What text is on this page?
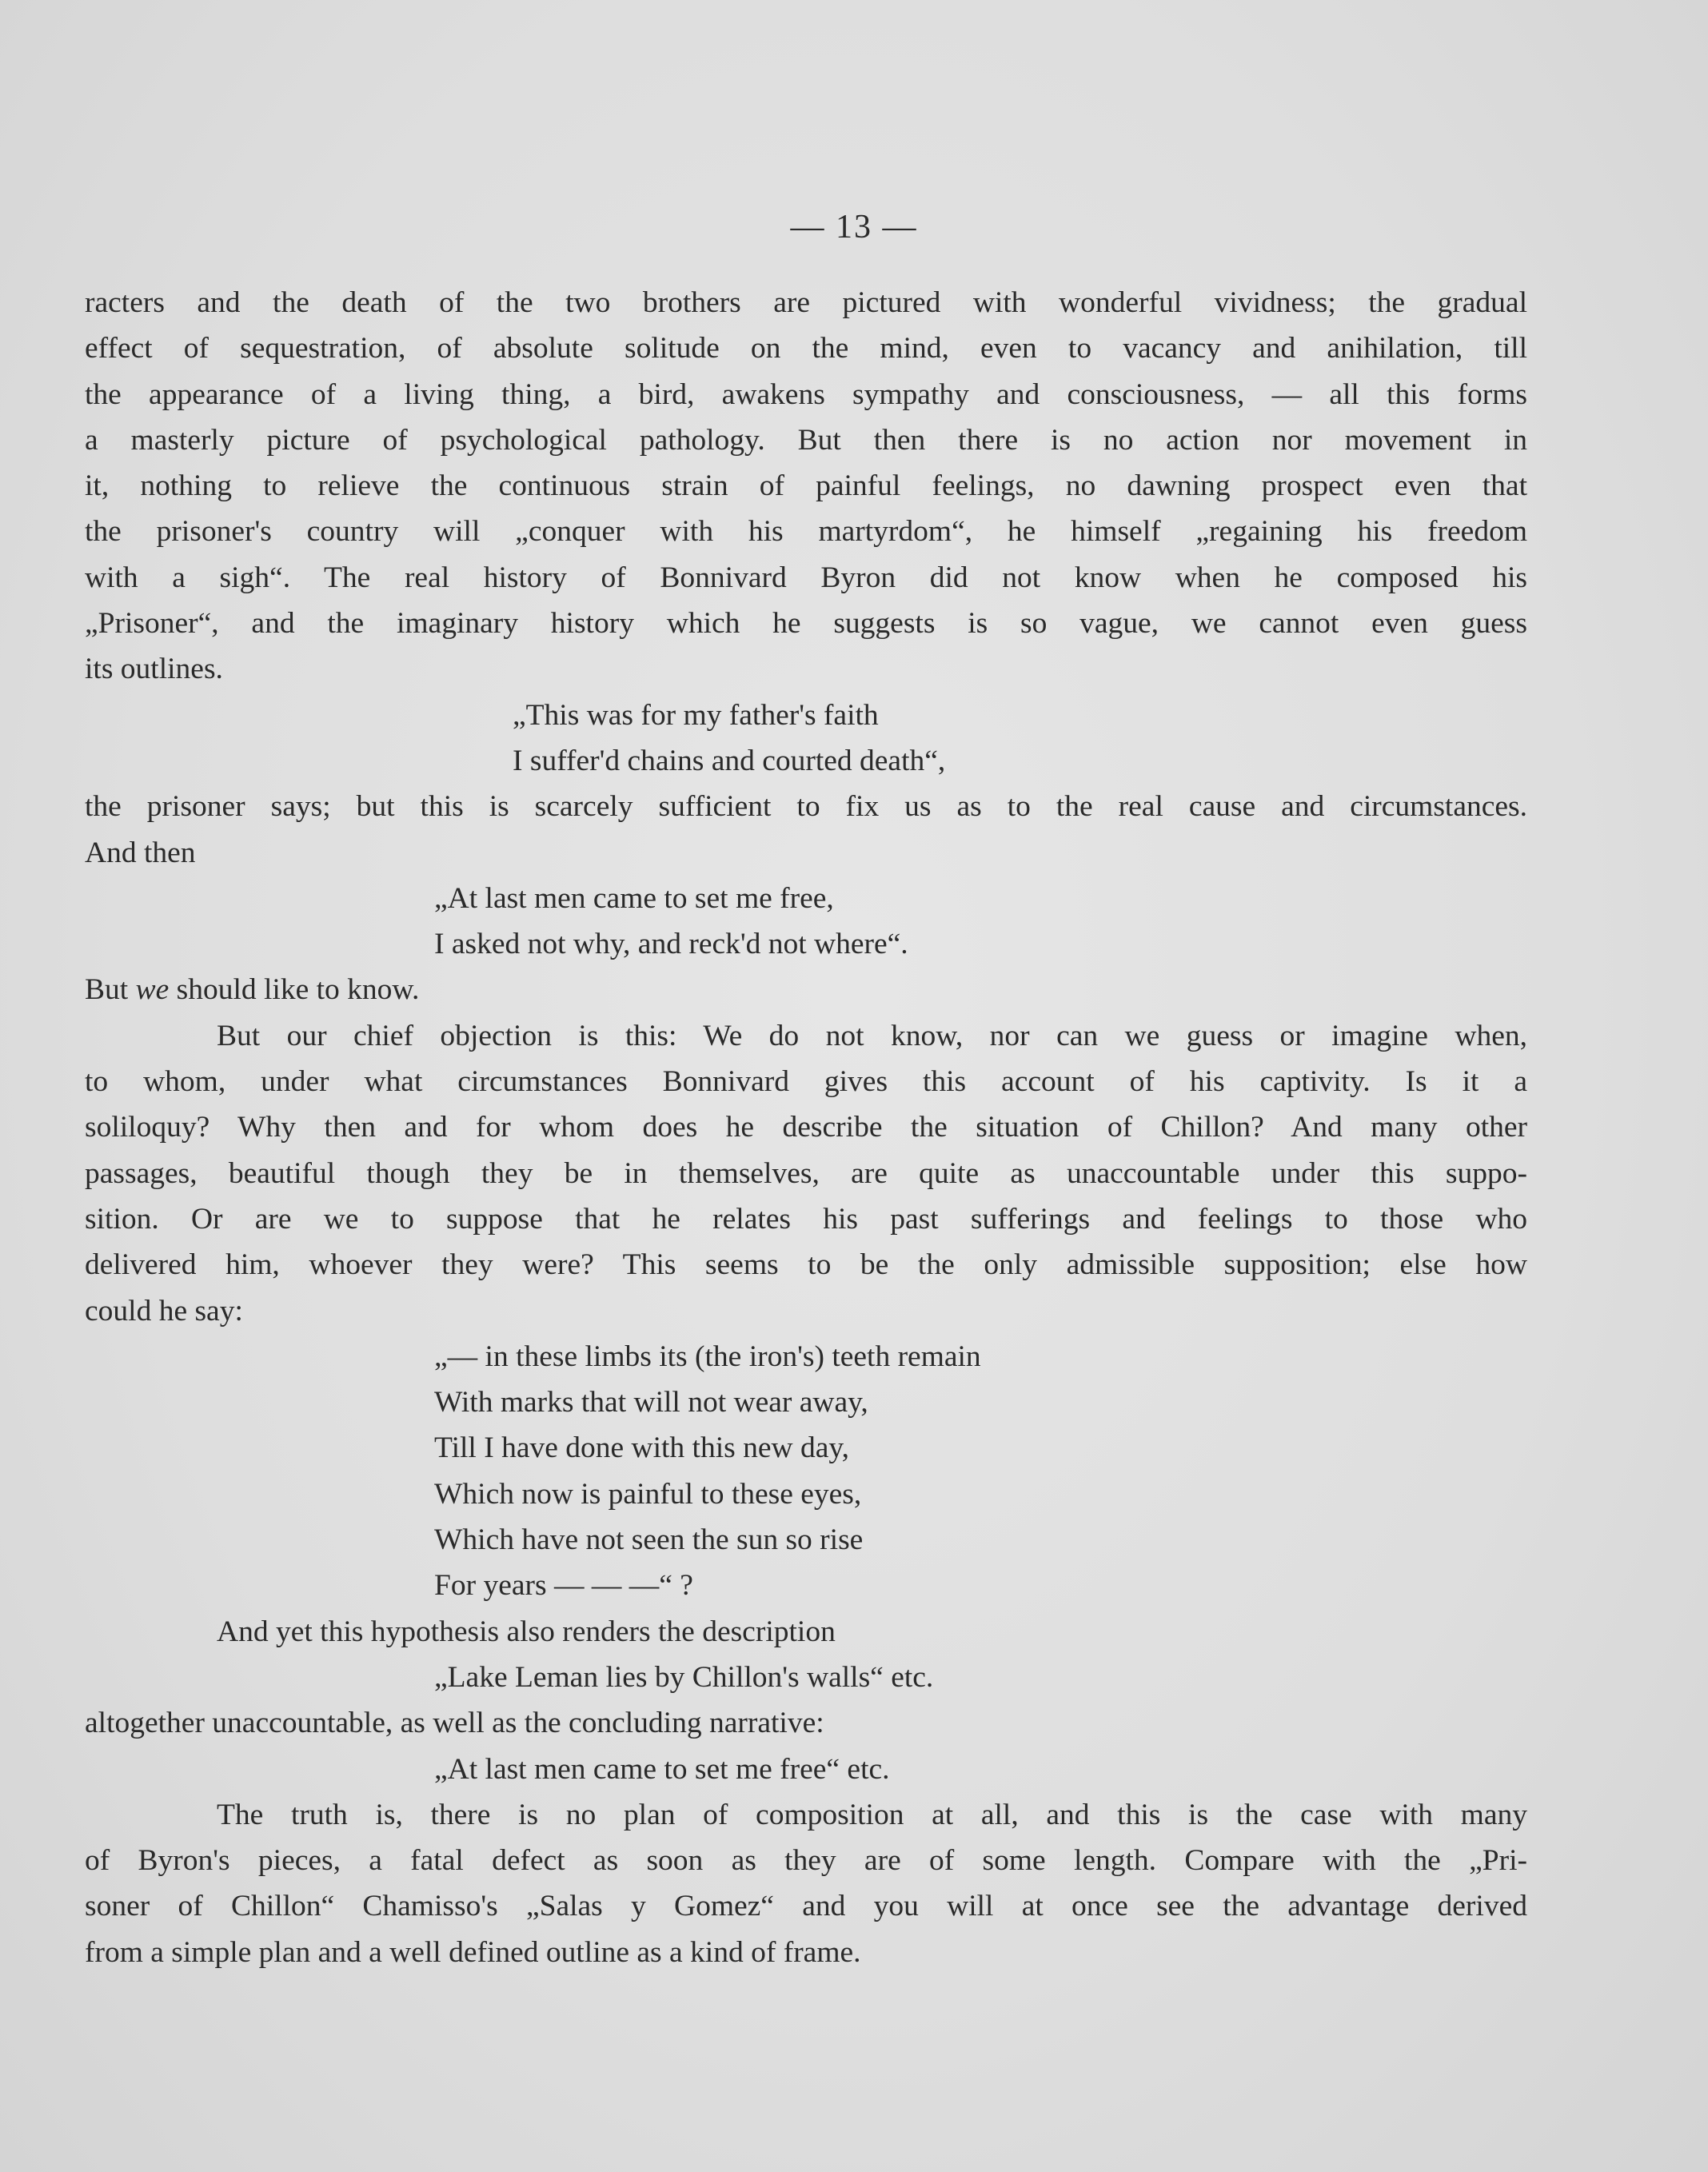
— 13 —
racters and the death of the two brothers are pictured with wonderful vividness; the gradual
effect of sequestration, of absolute solitude on the mind, even to vacancy and anihilation, till
the appearance of a living thing, a bird, awakens sympathy and consciousness, — all this forms
a masterly picture of psychological pathology. But then there is no action nor movement in
it, nothing to relieve the continuous strain of painful feelings, no dawning prospect even that
the prisoner's country will „conquer with his martyrdom“, he himself „regaining his freedom
with a sigh“. The real history of Bonnivard Byron did not know when he composed his
„Prisoner“, and the imaginary history which he suggests is so vague, we cannot even guess
its outlines.
„This was for my father's faith
I suffer'd chains and courted death“,
the prisoner says; but this is scarcely sufficient to fix us as to the real cause and circumstances.
And then
„At last men came to set me free,
I asked not why, and reck'd not where“.
But we should like to know.
But our chief objection is this: We do not know, nor can we guess or imagine when,
to whom, under what circumstances Bonnivard gives this account of his captivity. Is it a
soliloquy? Why then and for whom does he describe the situation of Chillon? And many other
passages, beautiful though they be in themselves, are quite as unaccountable under this suppo-
sition. Or are we to suppose that he relates his past sufferings and feelings to those who
delivered him, whoever they were? This seems to be the only admissible supposition; else how
could he say:
„— in these limbs its (the iron's) teeth remain
With marks that will not wear away,
Till I have done with this new day,
Which now is painful to these eyes,
Which have not seen the sun so rise
For years — — —“ ?
And yet this hypothesis also renders the description
„Lake Leman lies by Chillon's walls“ etc.
altogether unaccountable, as well as the concluding narrative:
„At last men came to set me free“ etc.
The truth is, there is no plan of composition at all, and this is the case with many
of Byron's pieces, a fatal defect as soon as they are of some length. Compare with the „Pri-
soner of Chillon“ Chamisso's „Salas y Gomez“ and you will at once see the advantage derived
from a simple plan and a well defined outline as a kind of frame.
